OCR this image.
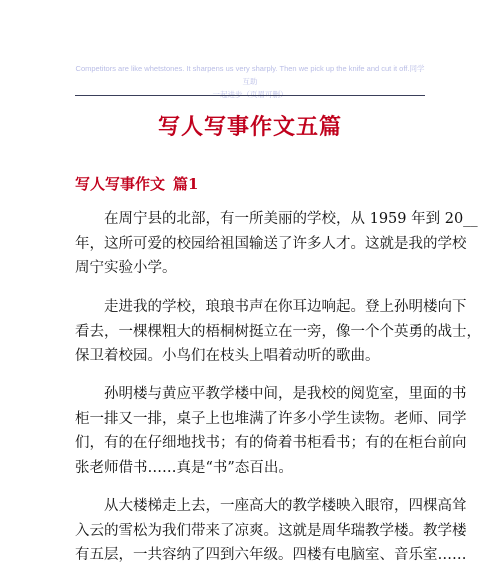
Competitors are like whetstones. It sharpens us very sharply. Then we pick up the knife and cut it off.同学互助
一起进步（页眉可删）
写人写事作文五篇
写人写事作文 篇1
在周宁县的北部，有一所美丽的学校，从 1959 年到 20__
年，这所可爱的校园给祖国输送了许多人才。这就是我的学校
周宁实验小学。
走进我的学校，琅琅书声在你耳边响起。登上孙明楼向下
看去，一棵棵粗大的梧桐树挺立在一旁，像一个个英勇的战士，
保卫着校园。小鸟们在枝头上唱着动听的歌曲。
孙明楼与黄应平教学楼中间，是我校的阅览室，里面的书
柜一排又一排，桌子上也堆满了许多小学生读物。老师、同学
们，有的在仔细地找书；有的倚着书柜看书；有的在柜台前向
张老师借书……真是“书”态百出。
从大楼梯走上去，一座高大的教学楼映入眼帘，四棵高耸
入云的雪松为我们带来了凉爽。这就是周华瑞教学楼。教学楼
有五层，一共容纳了四到六年级。四楼有电脑室、音乐室……
